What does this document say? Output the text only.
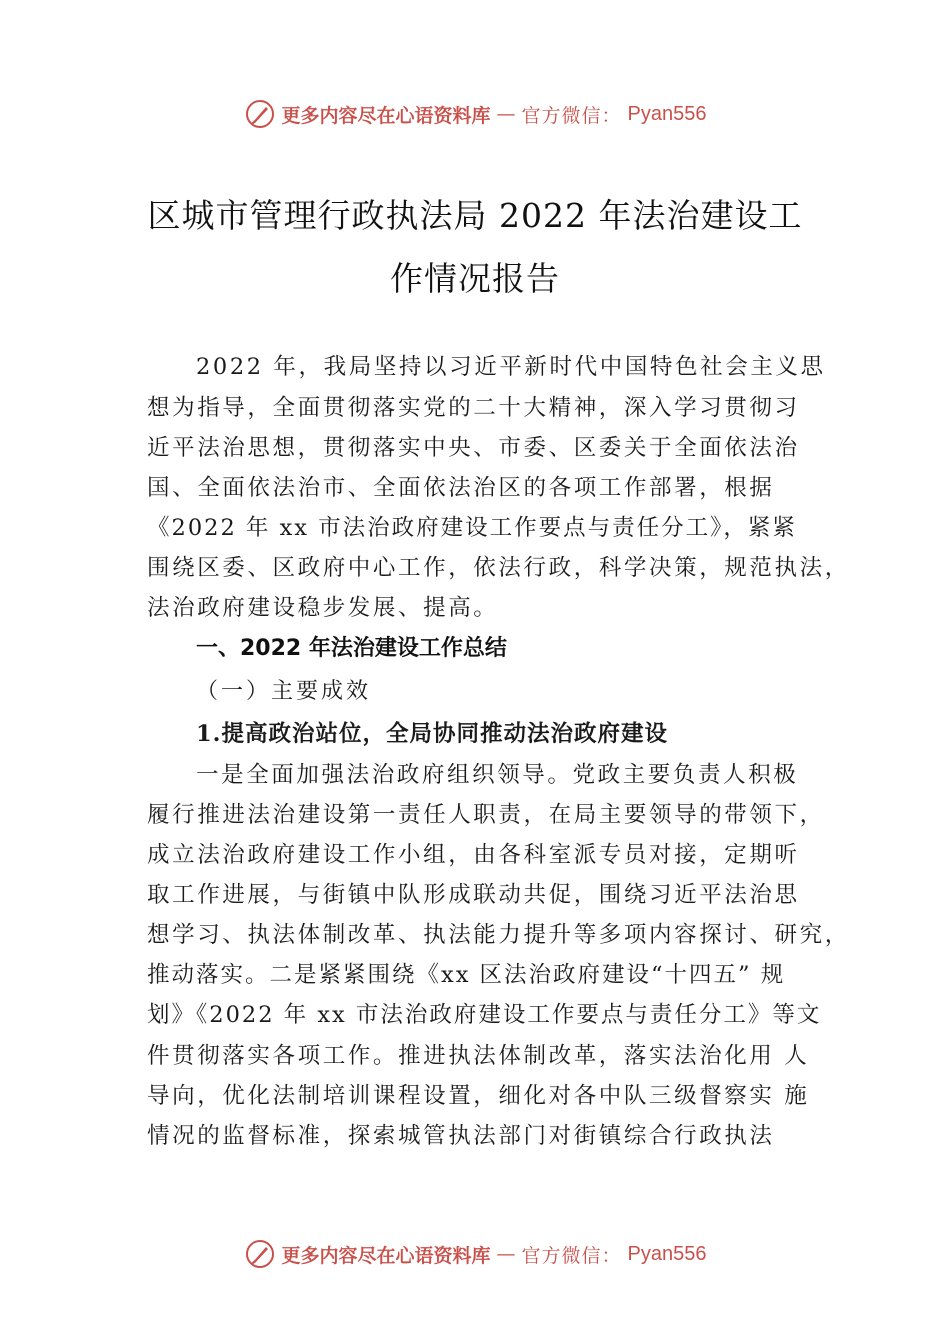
更多内容尽在心语资料库 — 官方微信： Pyan556
区城市管理行政执法局 2022 年法治建设工
作情况报告
2022 年，我局坚持以习近平新时代中国特色社会主义思
想为指导，全面贯彻落实党的二十大精神，深入学习贯彻习
近平法治思想，贯彻落实中央、市委、区委关于全面依法治
国、全面依法治市、全面依法治区的各项工作部署，根据
《2022 年 xx 市法治政府建设工作要点与责任分工》，紧紧
围绕区委、区政府中心工作，依法行政，科学决策，规范执法，
法治政府建设稳步发展、提高。
一、2022 年法治建设工作总结
（一）主要成效
1.提高政治站位，全局协同推动法治政府建设
一是全面加强法治政府组织领导。党政主要负责人积极
履行推进法治建设第一责任人职责，在局主要领导的带领下，
成立法治政府建设工作小组，由各科室派专员对接，定期听
取工作进展，与街镇中队形成联动共促，围绕习近平法治思
想学习、执法体制改革、执法能力提升等多项内容探讨、研究，
推动落实。二是紧紧围绕《xx 区法治政府建设“十四五” 规
划》《2022 年 xx 市法治政府建设工作要点与责任分工》等文
件贯彻落实各项工作。推进执法体制改革，落实法治化用 人
导向，优化法制培训课程设置，细化对各中队三级督察实 施
情况的监督标准，探索城管执法部门对街镇综合行政执法
更多内容尽在心语资料库 — 官方微信： Pyan556
